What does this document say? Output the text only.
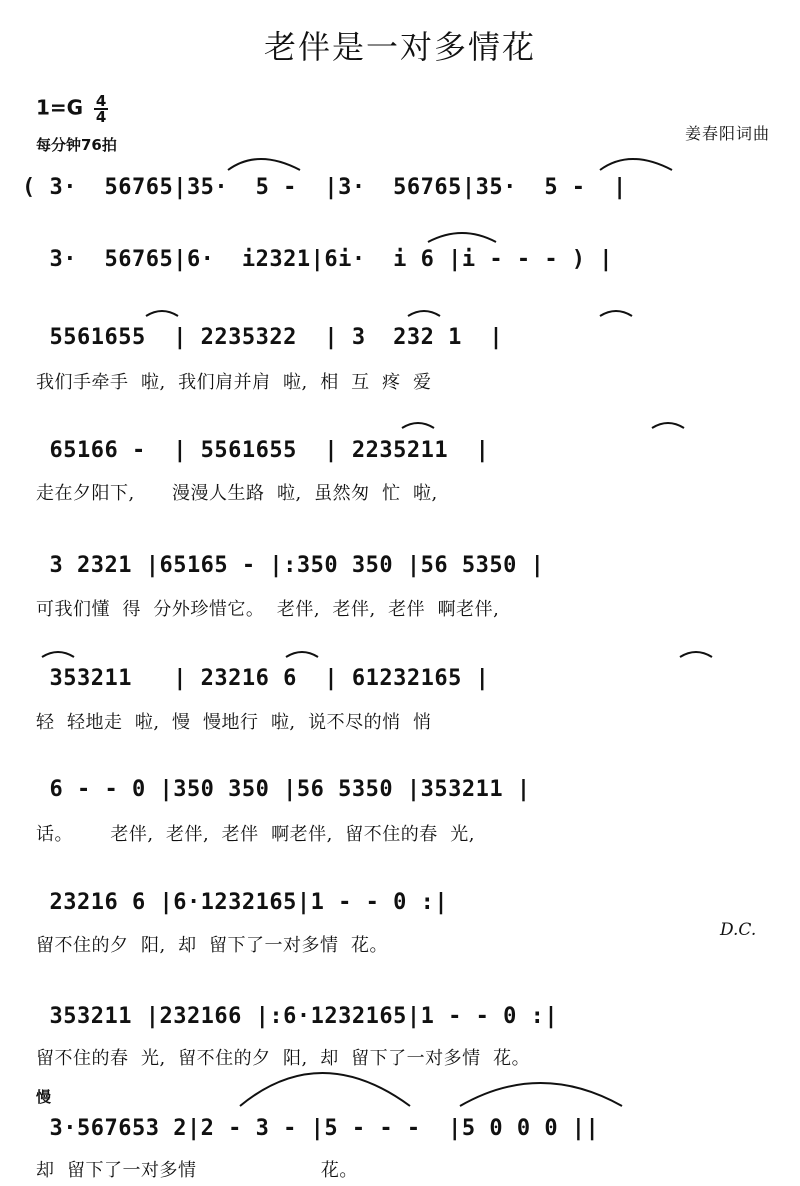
老伴是一对多情花
$1=G \frac{4}{4}$
每分钟76拍
姜春阳词曲
( 3·  56765|35·  5 -  |3·  56765|35·  5 -  |
3·  56765|6·  i2321|6i·  i 6 |i - - - ) |
5561655  | 2235322  | 3  232 1  |
我们手牵手  啦,  我们肩并肩  啦,  相  互  疼  爱
65166 -  | 5561655  | 2235211  |
走在夕阳下,      漫漫人生路  啦,  虽然匆  忙  啦,
3 2321 |65165 - |:350 350 |56 5350 |
可我们懂  得  分外珍惜它。  老伴,  老伴,  老伴  啊老伴,
353211   | 23216 6  | 61232165 |
轻  轻地走  啦,  慢  慢地行  啦,  说不尽的悄  悄
6 - - 0 |350 350 |56 5350 |353211 |
话。      老伴,  老伴,  老伴  啊老伴,  留不住的春  光,
23216 6 |6·1232165|1 - - 0 :|
留不住的夕  阳,  却  留下了一对多情  花。
D.C.
353211 |232166 |:6·1232165|1 - - 0 :|
留不住的春  光,  留不住的夕  阳,  却  留下了一对多情  花。
慢
3·567653 2|2 - 3 - |5 - - -  |5 0 0 0 ||
却  留下了一对多情                    花。
